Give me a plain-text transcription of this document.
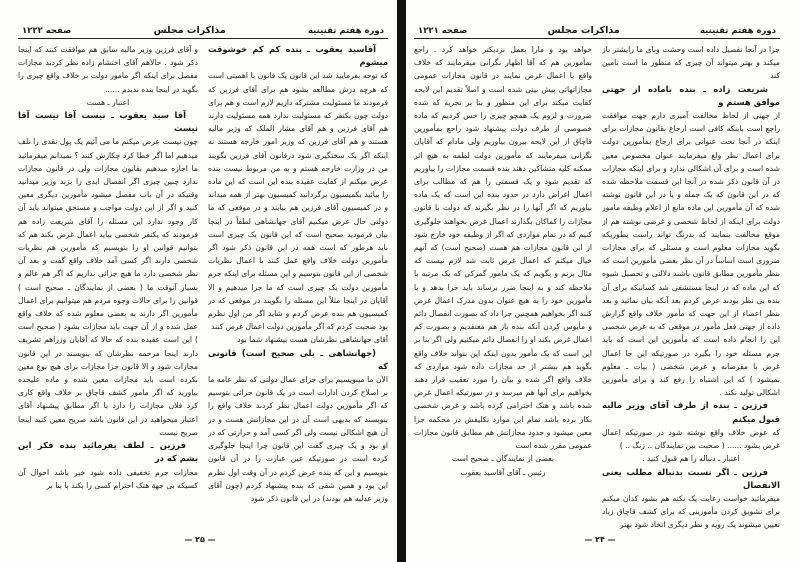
دوره هفتم تقنینیه
مذاکرات مجلس
صفحه ۱۲۲۲

آقاسید یعقوب ـ بنده کم کم خوشوقت میشوم

که توجه بفرمایید شد این قانون یک قانون با اهمیتی است که هرچه درش مطالعه بشود هم برای آقای فرزین که فرمودند ما مسئولیت مشترکه داریم لازم است و هم برای دولت چون بکنفر که مسئولیت ندارد همه مسئولیت دارند هم آقای فرزین و هم آقای مشار الملک که وزیر مالیه هستند و هم آقای فرزین که وزیر امور خارجه هستند نه اینکه اگر یک سختگیری شود درقانون آقای فرزین بگویند من در وزارت خارجه هستم و به من مربوط نیست بنده عرض میکنم از کفایت عقیده بنده این است که این ماده را بیائید بکمیسیون برگردانید کمیسیون بهتر از همه میداند و در کمیسیون آقای فرزین هم بیایند و در موقعی که ما دولتی حال عرض میکنیم آقای جهانشاهی لطفاً در اینجا بیان فرمودید صحیح است که این قانون یک چیزی است باید هرطور که است همه در این قانون ذکر شود اگر مأمورین دولت خلاف واقع عمل کنند با اعمال نظریات شخصی از این قانون بتوسیم و این مسئله برای اینکه جرم مأمورین دولت یک چیزی است که ما جزا میدهیم و الا آقایان در اینجا مثلاً این مسئله را بگویند در موقعی که در کمیسیون هم بنده عرض کردم و شاید اگر من اول نظرم بود صحبت کردم که اگر مأمورین دولت اعمال غرض کنند

آقای جهانشاهی نظرشان هست بیشنهاد شما بود

(جهانشاهی ـ بلی صحیح است) قانونی که

الآن ما مینویسیم برای جزای عمال دولتی که نظر عامه ما بر اصلاح کردن ادارات است در یک قانون جزائی بتوسیم که اگر مأمورین دولت اعمال نظر کردند خلاف واقع را بنویسند که بدیهی است آن در این مجازاتش هست و در آن هیچ اشکالی نیست ولی اگر کسی آمد و حرارتی که در او بود و یک چیزی گفت این قانون چرا اینجا جلوگیری کرده است در صورتیکه عین عبارت را در آن قانون بنویسیم و این که بنده عرض کردم در آن وقت اول نظرم این بود و همین شقی که بنده پیشنهاد کردم (چون آقای وزیر عدلیه هم بودند) در این قانون ذکر شود

و آقای فرزین وزیر مالیه سابق هم موافقت کنند که اینجا ذکر شود . حالاهم آقای احتشام زاده نظر کردند مجازات مفصل برای اینکه اگر مامور دولت بر خلاف واقع چیزی را بگوید در اینجا بنده ندیدم ......

اعتبار ـ هست

آقا سید یعقوب ـ نیست آقا نیست آقا نیست

چون نیست عرض میکنم ما می آئیم یک پول نقدی را تلف میدهیم اما اگر خطا کرد چکارش کنند ؟ نمیدانم میفرمائید ما اجازه میدهیم بقانون مجازات ولی در قانون مجازات ندارد چنین چیزی اگر انفصال ابدی را بزند وزیر میدانید وقتیکه در آن باب مفصل میشود مأمورین دیگری معین کنید و اگر از این دولت مواجب و مستحق میتواند باید آن کار وجود ندارد این مسئله را آقای شریعت زاده هم فرمودند که یکنفر شخصی بیاید اعمال غرض بکند هم که بتوانیم قوانین او را بنویسیم که مأمورین هم نظریات شخصی دارند اگر کسی آمد خلاف واقع گفت و بعد آن نظر شخصی دارد ما هیچ جزائی نداریم که اگر هم عالم و بسیار آنوقت ما ( بعضی از نمایندگان ـ صحیح است ) قوانین را برای حالات وجوه مردم هم میتوانیم برای اعمال مأمورین اگر دارند به بعضی معلوم شده که خلاف واقع عمل شده و از آن جهت باید مجازات بشود ( صحیح است ) این است عقیده بنده که حالا که آقایان وزراهم تشریف دارند اینجا مرحمه نظرشان که بنویسند در این قانون مجازات شود و الا قانون جزا مجازات برای هیچ نوع معین نکرده است باید مجازات معین شده و ماده علیحده بیاورید که اگر مامور کشف قاچاق بر خلاف واقع کاری کرد فلان مجازات را دارد با اگر مطابق پیشنهاد آقای اعتبار میخواهید در این قانون باشد صریح معین کنید اینجا صریح نیست

فرزین ـ لطف بفرمائید بنده فکر این بشم که در

مجازات جرم تخفیفی داده شود خبر باشد احوال آن کسیکه بی جهة هتک احترام کسی را بکند با بنا بر

— ۲۵ —
دوره هفتم تقنینیه
مذاکرات مجلس
صفحه ۱۲۲۱

جزا در آنجا تفصیل داده است وحشت وبای ما رایشتر باز میکند و بهتر میتواند آن چیزی که منظور ما است تامین کند

شریعت زاده ـ بنده باماده از جهتی موافق هستم و

از جهتی از لحاظ مخالفت آمیزی دارم جهت موافقت راجع است باینکه کافی است ارجاع بقانون مجازات برای اینکه در آنجا تحت عنوانی برای ارجاع بمأمورین دولت برای اعمال نظر ولغ میفرمایند عنوان مخصوص معین شده است و برای آن اشکالی ندارد و برای اینکه مجازات در آن قانون ذکر شده در آنجا این قسمت ملاحظه شده که در این قانون که یک جمله و یا در این قانون نوشته شده که آن مأمورین این ماده مانع از اعلام وظیفه مامور دولت برای اینکه از لحاظ شخصی و غرضی نوشته هم از موقع مخالفت بنمایند که بدرنگ تواند راست بطوریکه بگوید مجازات معلوم است و مسئلی که برای مجازات ضروری است اساساً در آن نظر بعضی مأمورین است که بنظر مأمورین مطابق قانون باشند دلالتی و تحصیل شیوه که این ماده که در اینجا مستشفی شد کسانیکه برای آن بنده بی نظر بودند عرض کردم بعد آنکه بیان نمائید و بعد بنظر اعضاء از این جهت که مأمور خلاف واقع گزارش داده از جهتی فعل مأمور در موقعی که به غرض شخصی این را انجام داده است که مأمورین این است که باید جرم مسئله خود را بگیرد در صورتیکه این جا اعمال غرض با مفرضانه و غرض شخصی ( بیات ـ معلوم نمیشود ) که این اشتباه را رفع کند و برای مأمورین اشکالی تولید نکند .

فرزین ـ بنده از طرف آقای وزیر مالیه قبول میکنم

که عوض خلاف واقع نوشته شود در صورتیکه اعمال غرض بشود ...... ( صحبت بین نمایندگان .. زنگ .. )

اعتبار ـ دنباله را هم قبول کنید .

فرزین ـ اگر نسبت بدنبالة مطلب یعنی الانفصال

میفرمائید خواست رعایت یک نکته هم بشود کدان میکنم برای تشویق کردن مأمورینی که برای کشف قاچاق زیاد تعیین میشوند یک رویه و نظر دیگری اتخاذ شود بهتر

خواهد بود و مارا بعمل نزدیکتر خواهد کرد . راجع بمأمورین هم که آقا اظهار نگرانی میفرمایند که خلاف واقع یا اعمال غرض نمایند در قانون مجازات عمومی مجازاتهائی پیش بینی شده است و اصلاً تقدیم این لایحه کفایت میکند برای این منظور و بنا بر تجربه که شده ضرورت و لزوم یک همچو چیزی را حس کردیم که ماده خصوصی از طرف دولت پیشنهاد شود راجع بمأمورین قاچاق از این لایحه بیرون بیاوریم ولی مادام که آقایان نگرانی میفرمایند که مأمورین دولت لطمه به هیچ اثر ممکنه کلیه متشاکین دهند بنده قسمت مجازات را بیاوریم که تقدیم شود و یک قسمتی را هم که مطالب برای اعمال اغراض دارد در حدود بنده این است که یک ماده بیاوریم که اگر آنها را در نظر بگیرند که دولت با قانون مجازات را کماکان بگذارند اعمال غرض بخواهند جلوگیری کنیم که در تمام مواردی که اگر از وظیفه خود خارج شود از این قانون مجازات هم هست (صحیح است) که آنهم خیال میکنم که اعمال غرض ثابت شد لازم نیست که مثال بزنم و بگویم که یک مامور گمرکی که یک مرتبه یا ملاحظه کند و به اینجا ضرر برساند باید جزا بدهد و یا مأمورین خود را به هیچ عنوان بدون مدرک اعمال غرض کنند اگر بخواهیم همچنین جزا داد که بصورت انفصال دائم و مأیوس کردن آنکه بنده باز هم معتقدیم و بصورت کم اعمال غرض بکند او را انفصال دائم میکنیم ولی اگر بنا بر این است که یک مأمور بدون اینکه این بتواند خلاف واقع بگوید هم بیشتر از حد مجازات داده شود مواردی که خلاف واقع اگر شده و بیان را مورد تعقیب قرار دهند بخواهیم برای آنها هم میرسد و در سورتیکه اعمال غرض شده باشد و هتک احترامی کرده باشد و غرض شخصی بکار برده باشد تمام این موارد تکلیفش در محکمه جزا معین میشود و حدود مجازاتش هم مطابق قانون مجازات عمومی مقرر شده است

بعضی از نمایندگان ـ صحیح است

رئیس ـ آقای آقاسید یعقوب

— ۲۴ —
